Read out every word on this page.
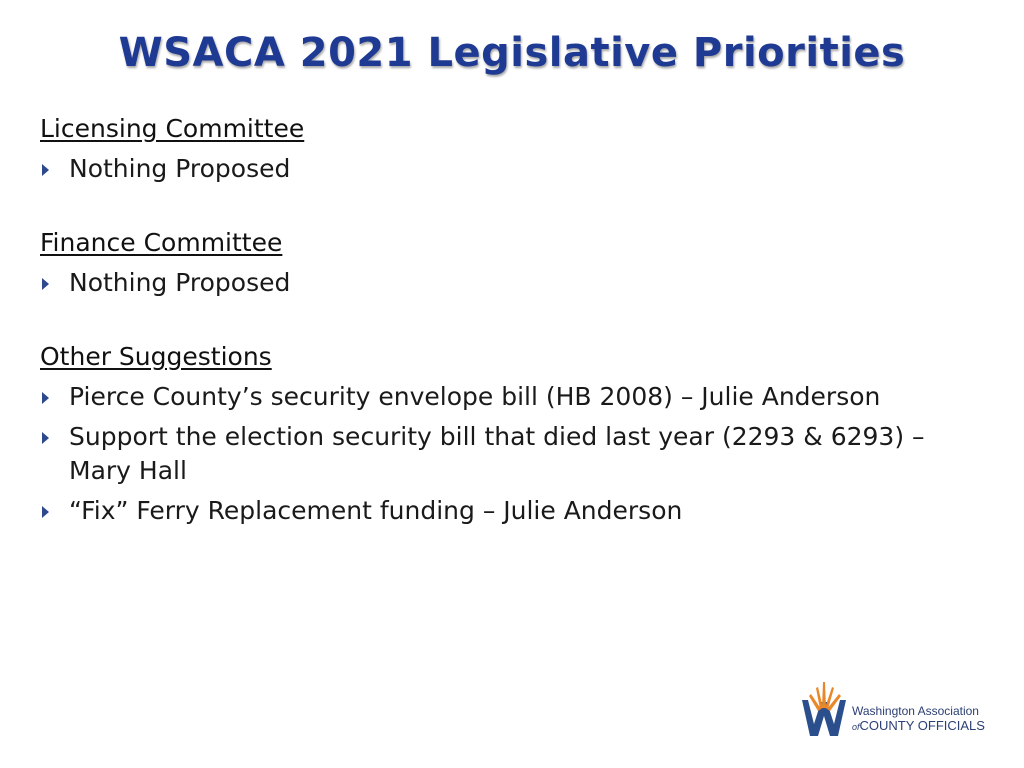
WSACA 2021 Legislative Priorities
Licensing Committee
Nothing Proposed
Finance Committee
Nothing Proposed
Other Suggestions
Pierce County’s security envelope bill (HB 2008) – Julie Anderson
Support the election security bill that died last year (2293 & 6293) – Mary Hall
“Fix” Ferry Replacement funding – Julie Anderson
Washington Association
ofCOUNTY OFFICIALS
